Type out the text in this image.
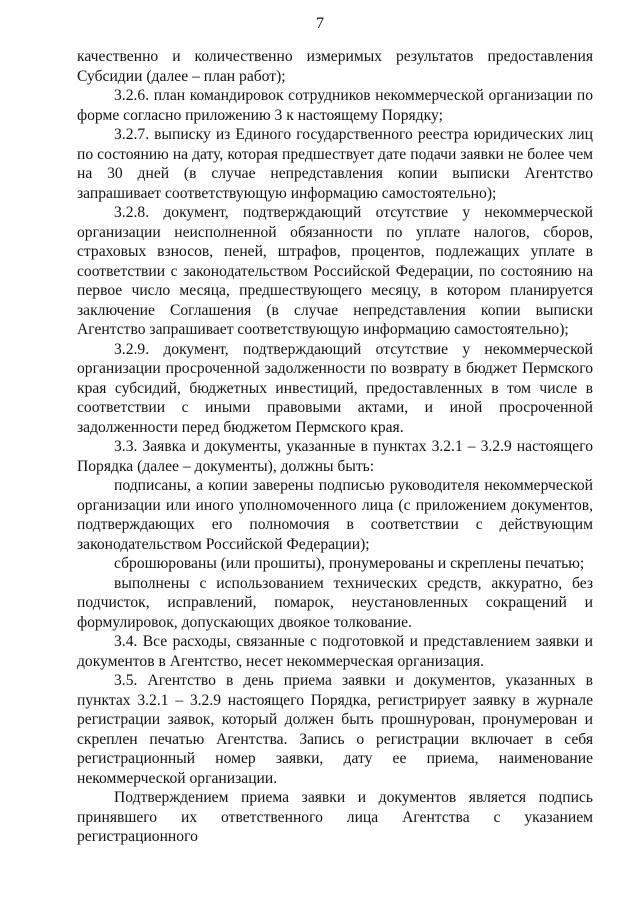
7

качественно и количественно измеримых результатов предоставления Субсидии (далее – план работ);

3.2.6. план командировок сотрудников некоммерческой организации по форме согласно приложению 3 к настоящему Порядку;

3.2.7. выписку из Единого государственного реестра юридических лиц по состоянию на дату, которая предшествует дате подачи заявки не более чем на 30 дней (в случае непредставления копии выписки Агентство запрашивает соответствующую информацию самостоятельно);

3.2.8. документ, подтверждающий отсутствие у некоммерческой организации неисполненной обязанности по уплате налогов, сборов, страховых взносов, пеней, штрафов, процентов, подлежащих уплате в соответствии с законодательством Российской Федерации, по состоянию на первое число месяца, предшествующего месяцу, в котором планируется заключение Соглашения (в случае непредставления копии выписки Агентство запрашивает соответствующую информацию самостоятельно);

3.2.9. документ, подтверждающий отсутствие у некоммерческой организации просроченной задолженности по возврату в бюджет Пермского края субсидий, бюджетных инвестиций, предоставленных в том числе в соответствии с иными правовыми актами, и иной просроченной задолженности перед бюджетом Пермского края.

3.3. Заявка и документы, указанные в пунктах 3.2.1 – 3.2.9 настоящего Порядка (далее – документы), должны быть:

подписаны, а копии заверены подписью руководителя некоммерческой организации или иного уполномоченного лица (с приложением документов, подтверждающих его полномочия в соответствии с действующим законодательством Российской Федерации);

сброшюрованы (или прошиты), пронумерованы и скреплены печатью;

выполнены с использованием технических средств, аккуратно, без подчисток, исправлений, помарок, неустановленных сокращений и формулировок, допускающих двоякое толкование.

3.4. Все расходы, связанные с подготовкой и представлением заявки и документов в Агентство, несет некоммерческая организация.

3.5. Агентство в день приема заявки и документов, указанных в пунктах 3.2.1 – 3.2.9 настоящего Порядка, регистрирует заявку в журнале регистрации заявок, который должен быть прошнурован, пронумерован и скреплен печатью Агентства. Запись о регистрации включает в себя регистрационный номер заявки, дату ее приема, наименование некоммерческой организации.

Подтверждением приема заявки и документов является подпись принявшего их ответственного лица Агентства с указанием регистрационного
